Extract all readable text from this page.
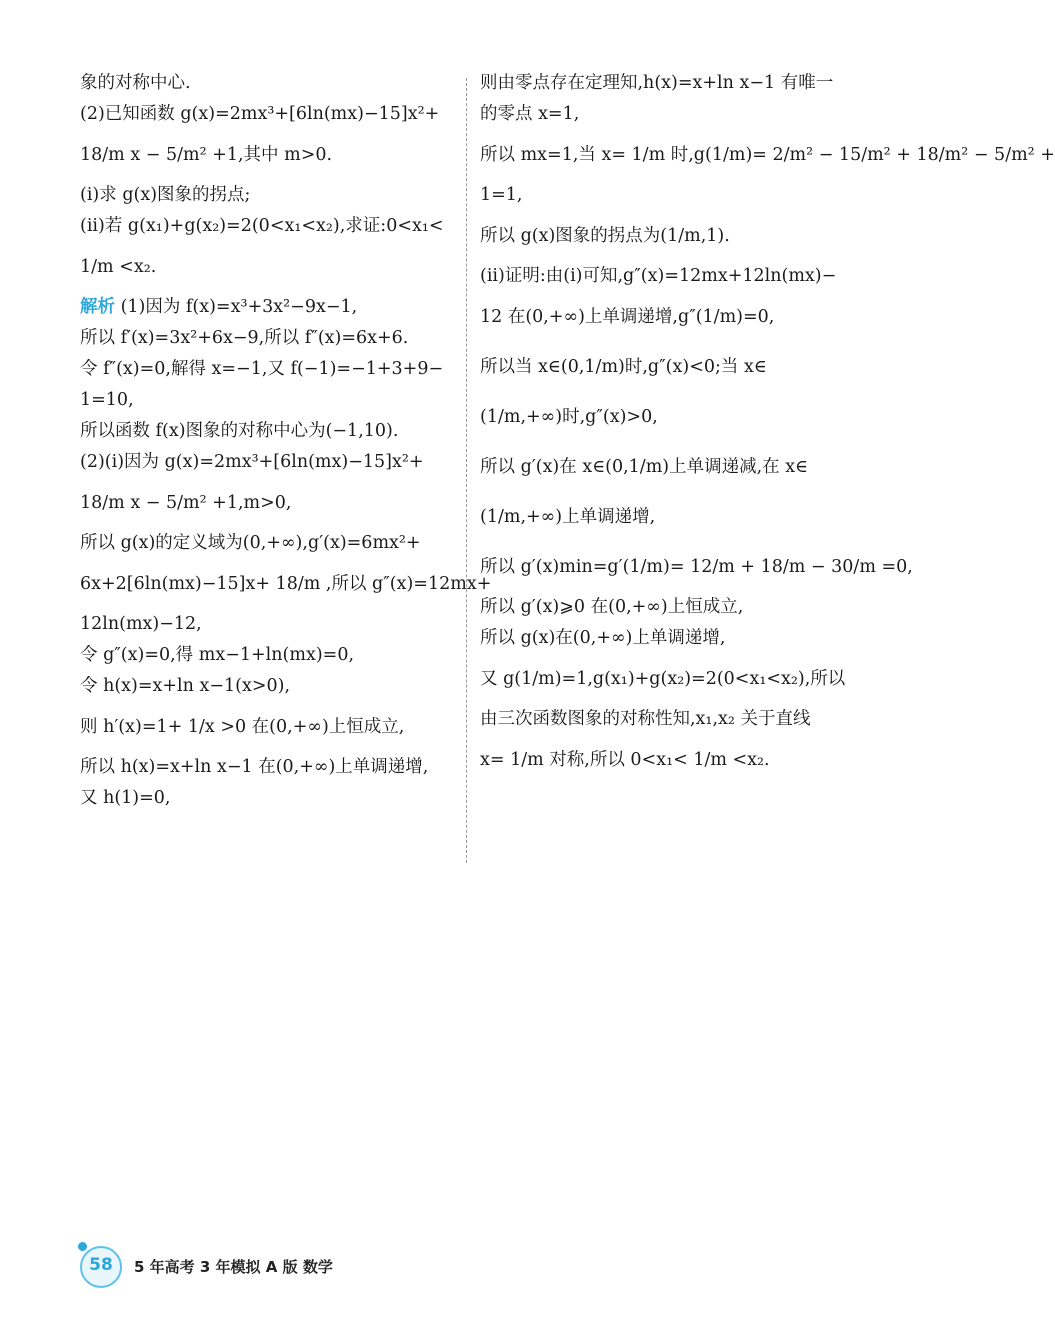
象的对称中心.
(2)已知函数 g(x)=2mx³+[6ln(mx)−15]x²+
18/m x − 5/m² +1,其中 m>0.
(i)求 g(x)图象的拐点;
(ii)若 g(x₁)+g(x₂)=2(0<x₁<x₂),求证:0<x₁<
1/m <x₂.
解析 (1)因为 f(x)=x³+3x²−9x−1,
所以 f′(x)=3x²+6x−9,所以 f″(x)=6x+6.
令 f″(x)=0,解得 x=−1,又 f(−1)=−1+3+9−
1=10,
所以函数 f(x)图象的对称中心为(−1,10).
(2)(i)因为 g(x)=2mx³+[6ln(mx)−15]x²+
18/m x − 5/m² +1,m>0,
所以 g(x)的定义域为(0,+∞),g′(x)=6mx²+
6x+2[6ln(mx)−15]x+ 18/m ,所以 g″(x)=12mx+
12ln(mx)−12,
令 g″(x)=0,得 mx−1+ln(mx)=0,
令 h(x)=x+ln x−1(x>0),
则 h′(x)=1+ 1/x >0 在(0,+∞)上恒成立,
所以 h(x)=x+ln x−1 在(0,+∞)上单调递增,
又 h(1)=0,
则由零点存在定理知,h(x)=x+ln x−1 有唯一
的零点 x=1,
所以 mx=1,当 x= 1/m 时,g(1/m)= 2/m² − 15/m² + 18/m² − 5/m² +
1=1,
所以 g(x)图象的拐点为(1/m,1).
(ii)证明:由(i)可知,g″(x)=12mx+12ln(mx)−
12 在(0,+∞)上单调递增,g″(1/m)=0,
所以当 x∈(0,1/m)时,g″(x)<0;当 x∈
(1/m,+∞)时,g″(x)>0,
所以 g′(x)在 x∈(0,1/m)上单调递减,在 x∈
(1/m,+∞)上单调递增,
所以 g′(x)min=g′(1/m)= 12/m + 18/m − 30/m =0,
所以 g′(x)⩾0 在(0,+∞)上恒成立,
所以 g(x)在(0,+∞)上单调递增,
又 g(1/m)=1,g(x₁)+g(x₂)=2(0<x₁<x₂),所以
由三次函数图象的对称性知,x₁,x₂ 关于直线
x= 1/m 对称,所以 0<x₁< 1/m <x₂.
58	5 年高考 3 年模拟 A 版 数学
